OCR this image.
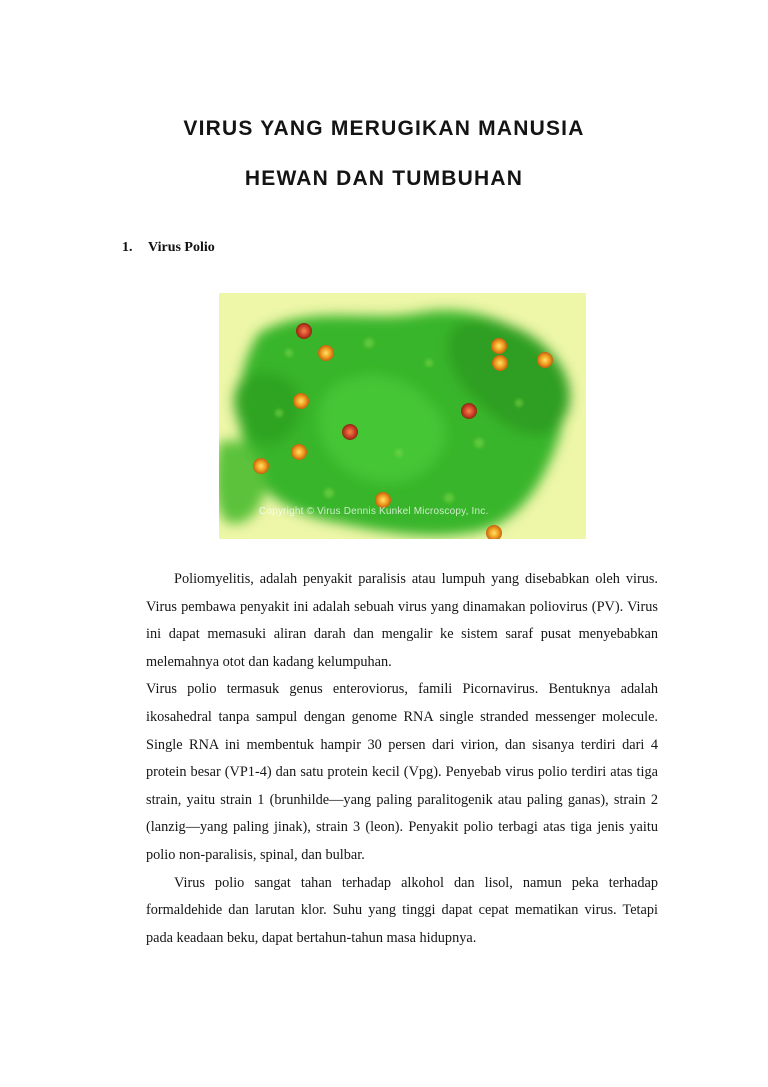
VIRUS YANG MERUGIKAN MANUSIA
HEWAN DAN TUMBUHAN
1. Virus Polio
Copyright © Virus Dennis Kunkel Microscopy, Inc.

Poliomyelitis, adalah penyakit paralisis atau lumpuh yang disebabkan oleh virus. Virus pembawa penyakit ini adalah sebuah virus yang dinamakan poliovirus (PV). Virus ini dapat memasuki aliran darah dan mengalir ke sistem saraf pusat menyebabkan melemahnya otot dan kadang kelumpuhan.

Virus polio termasuk genus enteroviorus, famili Picornavirus. Bentuknya adalah ikosahedral tanpa sampul dengan genome RNA single stranded messenger molecule. Single RNA ini membentuk hampir 30 persen dari virion, dan sisanya terdiri dari 4 protein besar (VP1-4) dan satu protein kecil (Vpg). Penyebab virus polio terdiri atas tiga strain, yaitu strain 1 (brunhilde—yang paling paralitogenik atau paling ganas), strain 2 (lanzig—yang paling jinak), strain 3 (leon). Penyakit polio terbagi atas tiga jenis yaitu polio non-paralisis, spinal, dan bulbar.

Virus polio sangat tahan terhadap alkohol dan lisol, namun peka terhadap formaldehide dan larutan klor. Suhu yang tinggi dapat cepat mematikan virus. Tetapi pada keadaan beku, dapat bertahun-tahun masa hidupnya.
